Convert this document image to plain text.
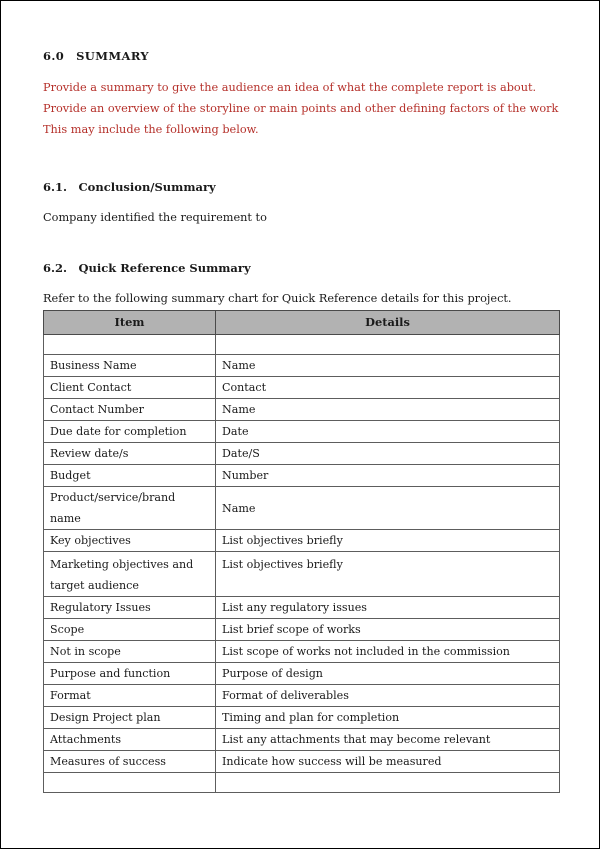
6.0 SUMMARY

Provide a summary to give the audience an idea of what the complete report is about.

Provide an overview of the storyline or main points and other defining factors of the work This may include the following below.

6.1. Conclusion/Summary

Company identified the requirement to

6.2. Quick Reference Summary

Refer to the following summary chart for Quick Reference details for this project.

Item	Details

Business Name	Name
Client Contact	Contact
Contact Number	Name
Due date for completion	Date
Review date/s	Date/S
Budget	Number
Product/service/brand name	Name
Key objectives	List objectives briefly

Marketing objectives and
target audience	List objectives briefly
Regulatory Issues	List any regulatory issues
Scope	List brief scope of works
Not in scope	List scope of works not included in the commission
Purpose and function	Purpose of design
Format	Format of deliverables
Design Project plan	Timing and plan for completion
Attachments	List any attachments that may become relevant
Measures of success	Indicate how success will be measured
